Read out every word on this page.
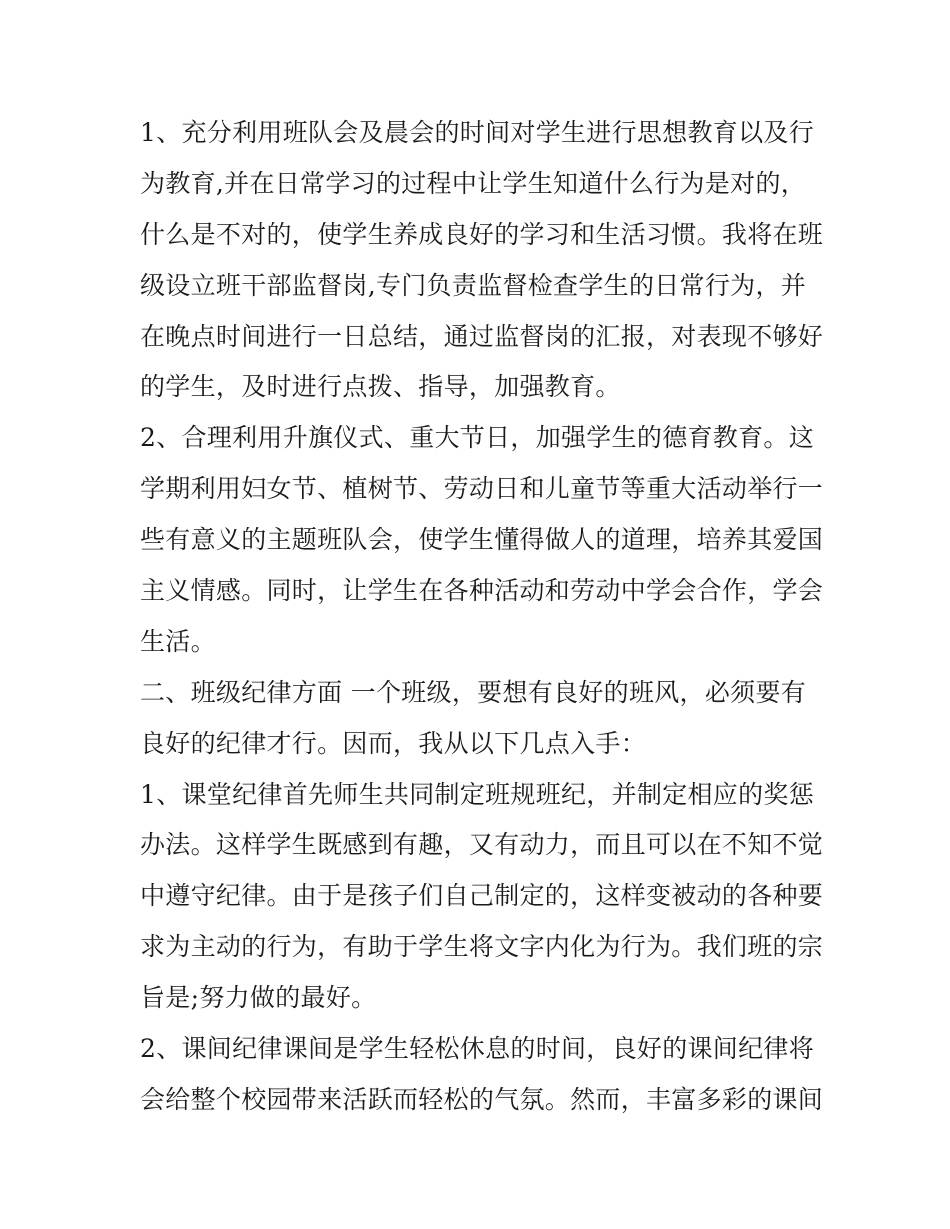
1、充分利用班队会及晨会的时间对学生进行思想教育以及行
为教育,并在日常学习的过程中让学生知道什么行为是对的，
什么是不对的，使学生养成良好的学习和生活习惯。我将在班
级设立班干部监督岗,专门负责监督检查学生的日常行为，并
在晚点时间进行一日总结，通过监督岗的汇报，对表现不够好
的学生，及时进行点拨、指导，加强教育。
2、合理利用升旗仪式、重大节日，加强学生的德育教育。这
学期利用妇女节、植树节、劳动日和儿童节等重大活动举行一
些有意义的主题班队会，使学生懂得做人的道理，培养其爱国
主义情感。同时，让学生在各种活动和劳动中学会合作，学会
生活。
二、班级纪律方面 一个班级，要想有良好的班风，必须要有
良好的纪律才行。因而，我从以下几点入手：
1、课堂纪律首先师生共同制定班规班纪，并制定相应的奖惩
办法。这样学生既感到有趣，又有动力，而且可以在不知不觉
中遵守纪律。由于是孩子们自己制定的，这样变被动的各种要
求为主动的行为，有助于学生将文字内化为行为。我们班的宗
旨是;努力做的最好。
2、课间纪律课间是学生轻松休息的时间，良好的课间纪律将
会给整个校园带来活跃而轻松的气氛。然而，丰富多彩的课间
